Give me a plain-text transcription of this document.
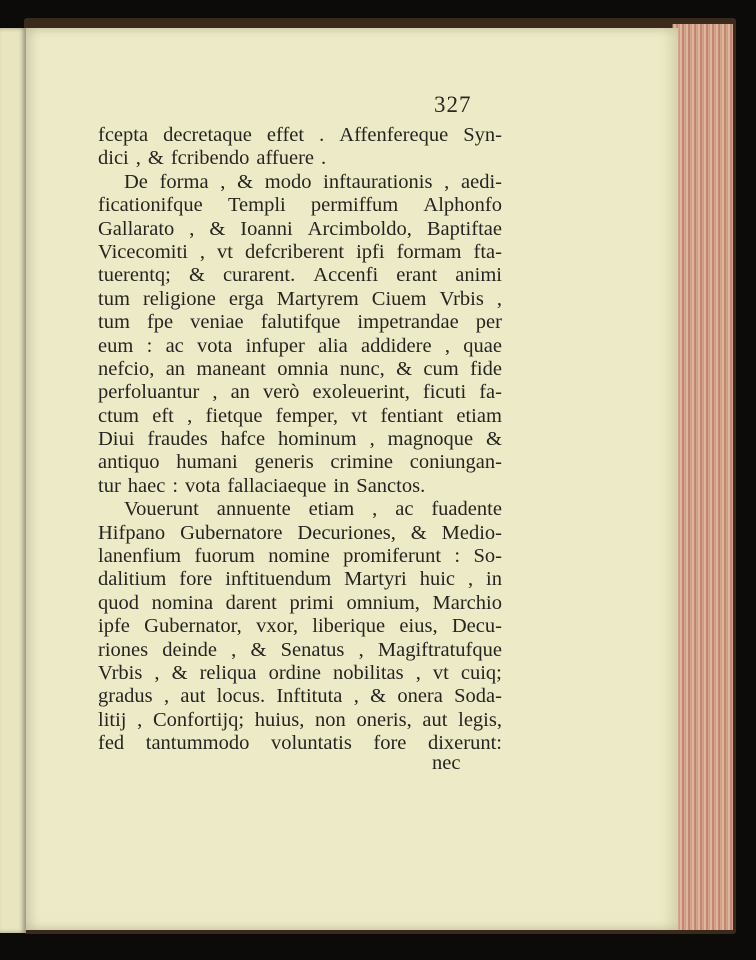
327
fcepta decretaque effet . Affenfereque Syn-
dici , & fcribendo affuere .
De forma , & modo inftaurationis , aedi-
ficationifque Templi permiffum Alphonfo
Gallarato , & Ioanni Arcimboldo, Baptiftae
Vicecomiti , vt defcriberent ipfi formam fta-
tuerentq; & curarent. Accenfi erant animi
tum religione erga Martyrem Ciuem Vrbis ,
tum fpe veniae falutifque impetrandae per
eum : ac vota infuper alia addidere , quae
nefcio, an maneant omnia nunc, & cum fide
perfoluantur , an verò exoleuerint, ficuti fa-
ctum eft , fietque femper, vt fentiant etiam
Diui fraudes hafce hominum , magnoque &
antiquo humani generis crimine coniungan-
tur haec : vota fallaciaeque in Sanctos.
Vouerunt annuente etiam , ac fuadente
Hifpano Gubernatore Decuriones, & Medio-
lanenfium fuorum nomine promiferunt : So-
dalitium fore inftituendum Martyri huic , in
quod nomina darent primi omnium, Marchio
ipfe Gubernator, vxor, liberique eius, Decu-
riones deinde , & Senatus , Magiftratufque
Vrbis , & reliqua ordine nobilitas , vt cuiq;
gradus , aut locus. Inftituta , & onera Soda-
litij , Confortijq; huius, non oneris, aut legis,
fed tantummodo voluntatis fore dixerunt:
nec
